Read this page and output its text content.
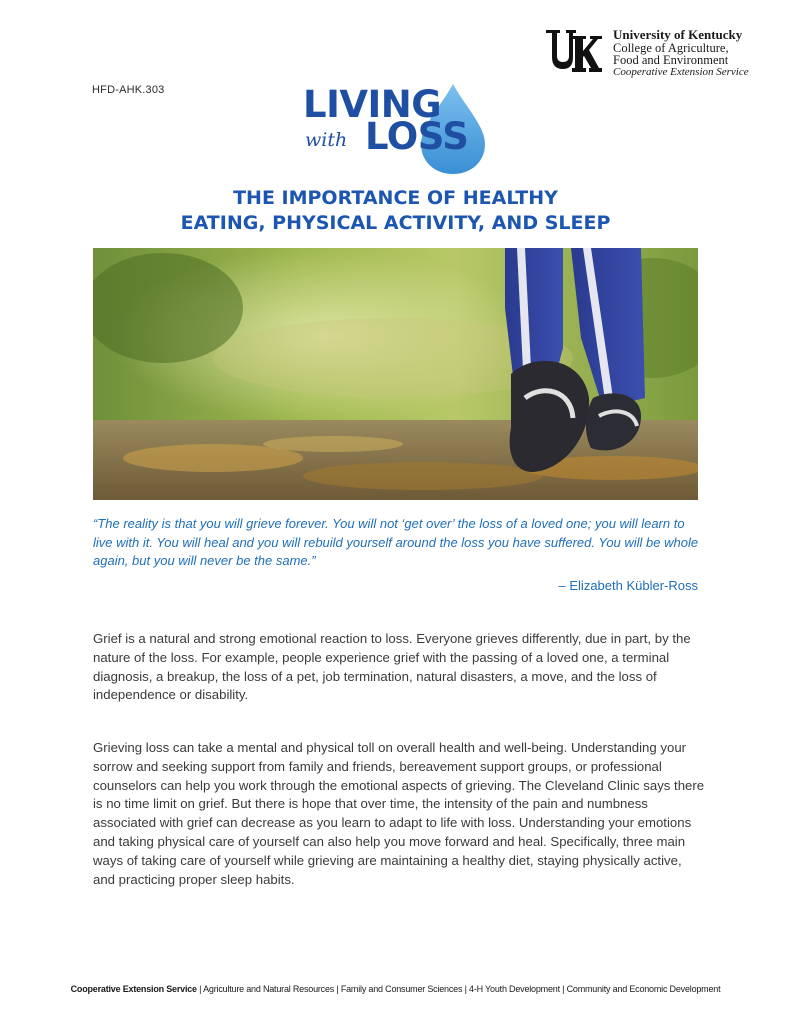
HFD-AHK.303
University of Kentucky
College of Agriculture,
Food and Environment
Cooperative Extension Service
LIVING
with LOSS
THE IMPORTANCE OF HEALTHY
EATING, PHYSICAL ACTIVITY, AND SLEEP
“The reality is that you will grieve forever. You will not ‘get over’ the loss of a loved one; you will learn to live with it. You will heal and you will rebuild yourself around the loss you have suffered. You will be whole again, but you will never be the same.”
– Elizabeth Kübler-Ross
Grief is a natural and strong emotional reaction to loss. Everyone grieves differently, due in part, by the nature of the loss. For example, people experience grief with the passing of a loved one, a terminal diagnosis, a breakup, the loss of a pet, job termination, natural disasters, a move, and the loss of independence or disability.
Grieving loss can take a mental and physical toll on overall health and well-being. Understanding your sorrow and seeking support from family and friends, bereavement support groups, or professional counselors can help you work through the emotional aspects of grieving. The Cleveland Clinic says there is no time limit on grief. But there is hope that over time, the intensity of the pain and numbness associated with grief can decrease as you learn to adapt to life with loss. Understanding your emotions and taking physical care of yourself can also help you move forward and heal. Specifically, three main ways of taking care of yourself while grieving are maintaining a healthy diet, staying physically active, and practicing proper sleep habits.
Cooperative Extension Service | Agriculture and Natural Resources | Family and Consumer Sciences | 4-H Youth Development | Community and Economic Development
